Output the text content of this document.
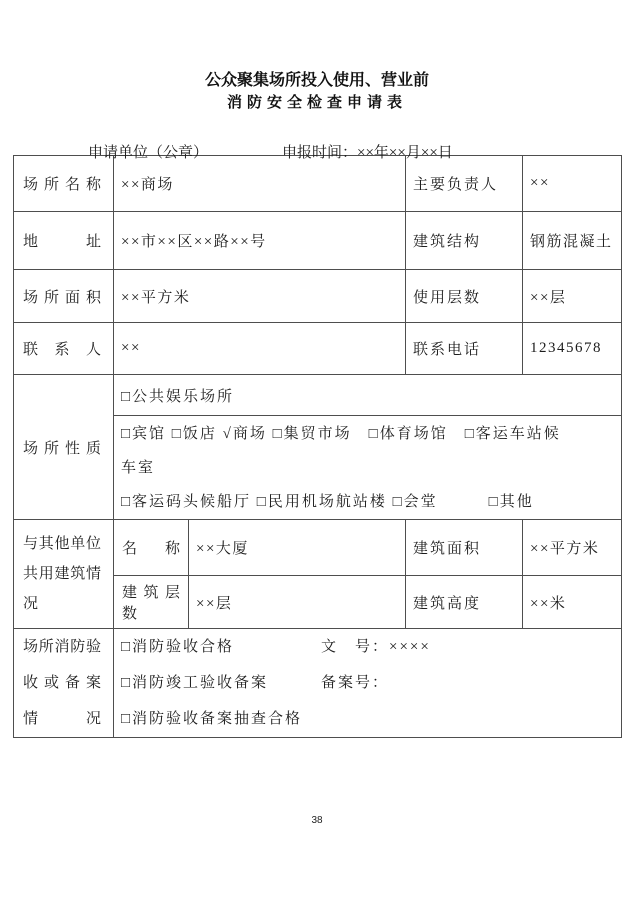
公众聚集场所投入使用、营业前
消防安全检查申请表

申请单位（公章）	申报时间：××年××月××日

场所名称	××商场		主要负责人	××

地址	××市××区××路××号		建筑结构	钢筋混凝土

场所面积	××平方米		使用层数	××层

联系人	××		联系电话	12345678

场所性质	□公共娱乐场所			

	□宾馆 □饭店 √商场 □集贸市场　□体育场馆　□客运车站候
车室
□客运码头候船厅 □民用机场航站楼 □会堂　　　□其他			

与其他单位
共用建筑情
况	名称	××大厦	建筑面积	××平方米

	建筑层数	××层	建筑高度	××米

场所消防验
收或备案
情况

□消防验收合格	文　号：××××
□消防竣工验收备案	备案号：
□消防验收备案抽查合格
38
